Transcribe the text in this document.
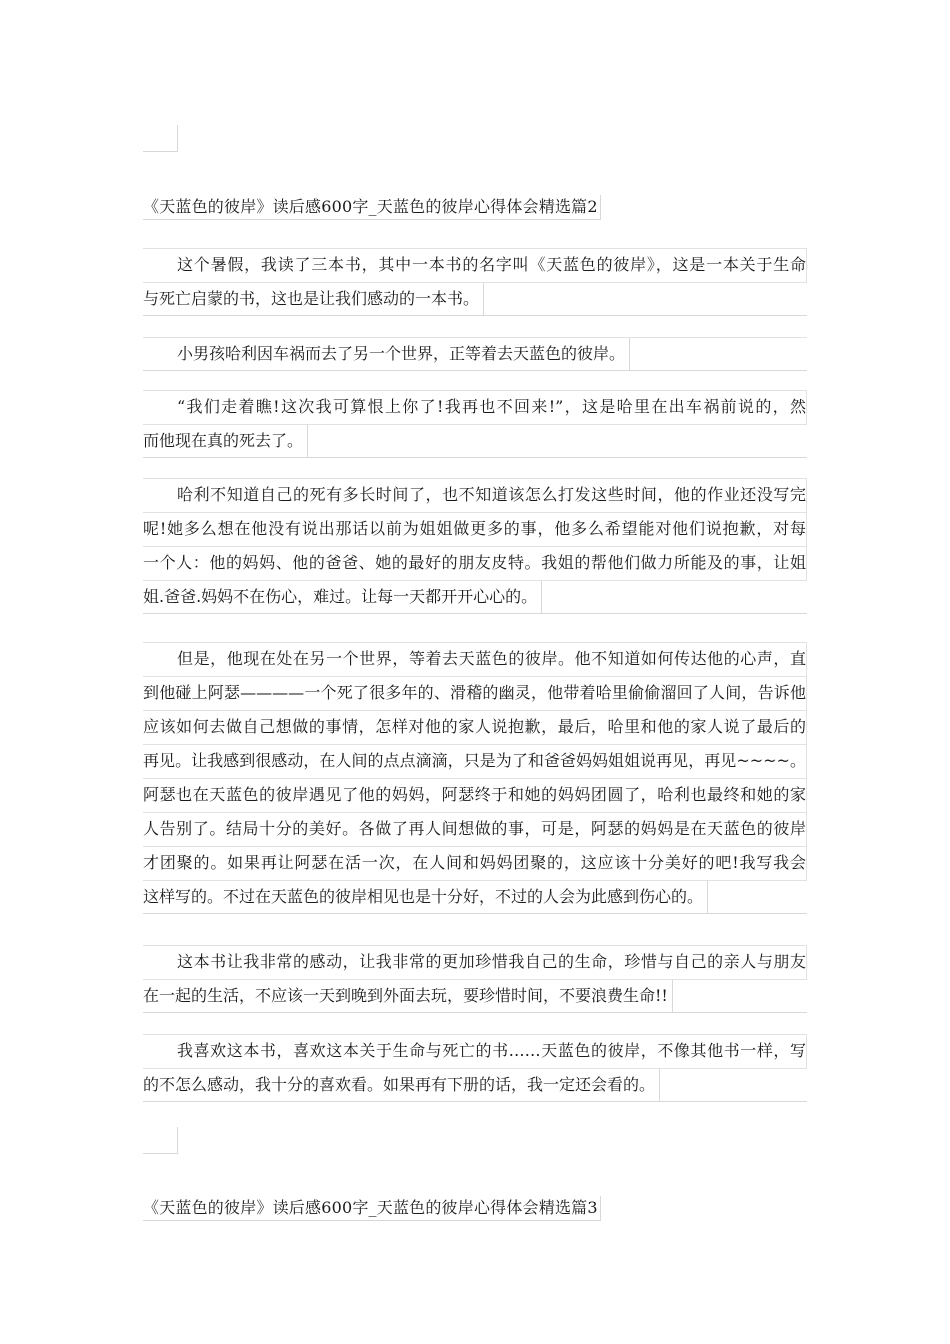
《天蓝色的彼岸》读后感600字_天蓝色的彼岸心得体会精选篇2
这个暑假，我读了三本书，其中一本书的名字叫《天蓝色的彼岸》，这是一本关于生命
与死亡启蒙的书，这也是让我们感动的一本书。
小男孩哈利因车祸而去了另一个世界，正等着去天蓝色的彼岸。
“我们走着瞧!这次我可算恨上你了!我再也不回来!”，这是哈里在出车祸前说的，然
而他现在真的死去了。
哈利不知道自己的死有多长时间了，也不知道该怎么打发这些时间，他的作业还没写完
呢!她多么想在他没有说出那话以前为姐姐做更多的事，他多么希望能对他们说抱歉，对每
一个人：他的妈妈、他的爸爸、她的最好的朋友皮特。我姐的帮他们做力所能及的事，让姐
姐.爸爸.妈妈不在伤心，难过。让每一天都开开心心的。
但是，他现在处在另一个世界，等着去天蓝色的彼岸。他不知道如何传达他的心声，直
到他碰上阿瑟————一个死了很多年的、滑稽的幽灵，他带着哈里偷偷溜回了人间，告诉他
应该如何去做自己想做的事情，怎样对他的家人说抱歉，最后，哈里和他的家人说了最后的
再见。让我感到很感动，在人间的点点滴滴，只是为了和爸爸妈妈姐姐说再见，再见~~~~。
阿瑟也在天蓝色的彼岸遇见了他的妈妈，阿瑟终于和她的妈妈团圆了，哈利也最终和她的家
人告别了。结局十分的美好。各做了再人间想做的事，可是，阿瑟的妈妈是在天蓝色的彼岸
才团聚的。如果再让阿瑟在活一次，在人间和妈妈团聚的，这应该十分美好的吧!我写我会
这样写的。不过在天蓝色的彼岸相见也是十分好，不过的人会为此感到伤心的。
这本书让我非常的感动，让我非常的更加珍惜我自己的生命，珍惜与自己的亲人与朋友
在一起的生活，不应该一天到晚到外面去玩，要珍惜时间，不要浪费生命!!
我喜欢这本书，喜欢这本关于生命与死亡的书……天蓝色的彼岸，不像其他书一样，写
的不怎么感动，我十分的喜欢看。如果再有下册的话，我一定还会看的。
《天蓝色的彼岸》读后感600字_天蓝色的彼岸心得体会精选篇3
